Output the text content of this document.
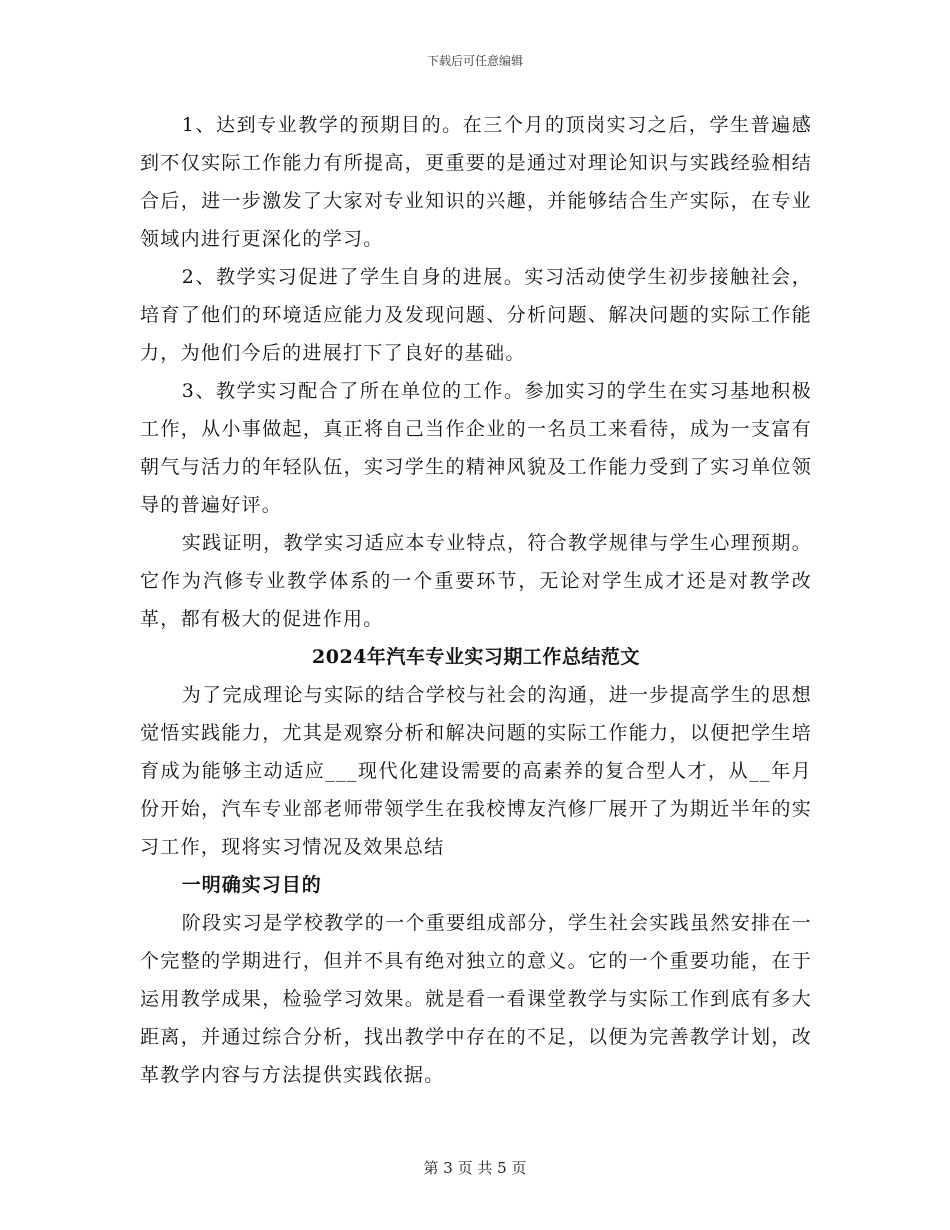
下载后可任意编辑

1、达到专业教学的预期目的。在三个月的顶岗实习之后，学生普遍感到不仅实际工作能力有所提高，更重要的是通过对理论知识与实践经验相结合后，进一步激发了大家对专业知识的兴趣，并能够结合生产实际，在专业领域内进行更深化的学习。

2、教学实习促进了学生自身的进展。实习活动使学生初步接触社会，培育了他们的环境适应能力及发现问题、分析问题、解决问题的实际工作能力，为他们今后的进展打下了良好的基础。

3、教学实习配合了所在单位的工作。参加实习的学生在实习基地积极工作，从小事做起，真正将自己当作企业的一名员工来看待，成为一支富有朝气与活力的年轻队伍，实习学生的精神风貌及工作能力受到了实习单位领导的普遍好评。

实践证明，教学实习适应本专业特点，符合教学规律与学生心理预期。它作为汽修专业教学体系的一个重要环节，无论对学生成才还是对教学改革，都有极大的促进作用。

2024年汽车专业实习期工作总结范文

为了完成理论与实际的结合学校与社会的沟通，进一步提高学生的思想觉悟实践能力，尤其是观察分析和解决问题的实际工作能力，以便把学生培育成为能够主动适应___现代化建设需要的高素养的复合型人才，从__年月份开始，汽车专业部老师带领学生在我校博友汽修厂展开了为期近半年的实习工作，现将实习情况及效果总结

一明确实习目的

阶段实习是学校教学的一个重要组成部分，学生社会实践虽然安排在一个完整的学期进行，但并不具有绝对独立的意义。它的一个重要功能，在于运用教学成果，检验学习效果。就是看一看课堂教学与实际工作到底有多大距离，并通过综合分析，找出教学中存在的不足，以便为完善教学计划，改革教学内容与方法提供实践依据。

第 3 页 共 5 页
